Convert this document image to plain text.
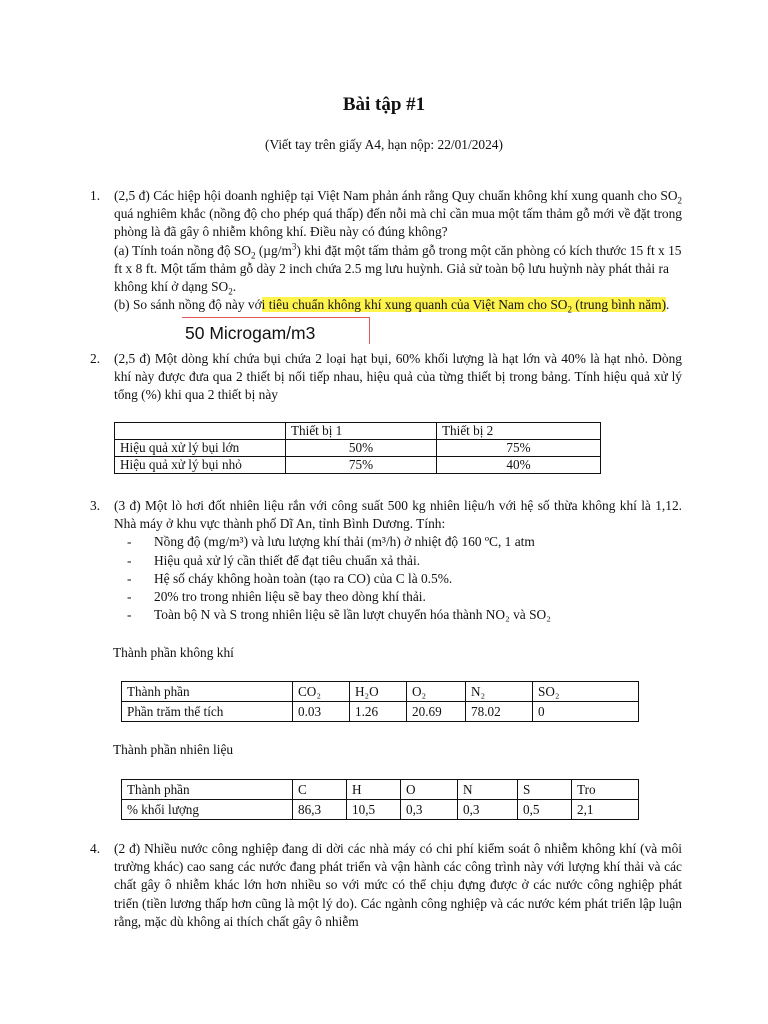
Bài tập #1
(Viết tay trên giấy A4, hạn nộp: 22/01/2024)
1. (2,5 đ) Các hiệp hội doanh nghiệp tại Việt Nam phản ánh rằng Quy chuẩn không khí xung quanh cho $SO_2$ quá nghiêm khắc (nồng độ cho phép quá thấp) đến nỗi mà chỉ cần mua một tấm thảm gỗ mới về đặt trong phòng là đã gây ô nhiễm không khí. Điều này có đúng không?

(a) Tính toán nồng độ $SO_2$ $(\mu g/m^3)$ khi đặt một tấm thảm gỗ trong một căn phòng có kích thước 15 ft x 15 ft x 8 ft. Một tấm thảm gỗ dày 2 inch chứa 2.5 mg lưu huỳnh. Giả sử toàn bộ lưu huỳnh này phát thải ra không khí ở dạng $SO_2$.

(b) So sánh nồng độ này với tiêu chuẩn không khí xung quanh của Việt Nam cho $SO_2$ (trung bình năm).

50 Microgam/m3
2. (2,5 đ) Một dòng khí chứa bụi chứa 2 loại hạt bụi, 60% khối lượng là hạt lớn và 40% là hạt nhỏ. Dòng khí này được đưa qua 2 thiết bị nối tiếp nhau, hiệu quả của từng thiết bị trong bảng. Tính hiệu quả xử lý tổng (%) khi qua 2 thiết bị này

	Thiết bị 1	Thiết bị 2
Hiệu quả xử lý bụi lớn	50%	75%
Hiệu quả xử lý bụi nhỏ	75%	40%
3. (3 đ) Một lò hơi đốt nhiên liệu rắn với công suất 500 kg nhiên liệu/h với hệ số thừa không khí là 1,12. Nhà máy ở khu vực thành phố Dĩ An, tỉnh Bình Dương. Tính:

- Nồng độ (mg/m³) và lưu lượng khí thải (m³/h) ở nhiệt độ 160 ºC, 1 atm
- Hiệu quả xử lý cần thiết để đạt tiêu chuẩn xả thải.
- Hệ số cháy không hoàn toàn (tạo ra CO) của C là 0.5%.
- 20% tro trong nhiên liệu sẽ bay theo dòng khí thải.
- Toàn bộ N và S trong nhiên liệu sẽ lần lượt chuyển hóa thành NO₂ và SO₂
Thành phần không khí
Thành phần	CO₂	H₂O	O₂	N₂	SO₂
Phần trăm thể tích	0.03	1.26	20.69	78.02	0
Thành phần nhiên liệu
Thành phần	C	H	O	N	S	Tro
% khối lượng	86,3	10,5	0,3	0,3	0,5	2,1
4. (2 đ) Nhiều nước công nghiệp đang di dời các nhà máy có chi phí kiểm soát ô nhiễm không khí (và môi trường khác) cao sang các nước đang phát triển và vận hành các công trình này với lượng khí thải và các chất gây ô nhiễm khác lớn hơn nhiều so với mức có thể chịu đựng được ở các nước công nghiệp phát triển (tiền lương thấp hơn cũng là một lý do). Các ngành công nghiệp và các nước kém phát triển lập luận rằng, mặc dù không ai thích chất gây ô nhiễm
